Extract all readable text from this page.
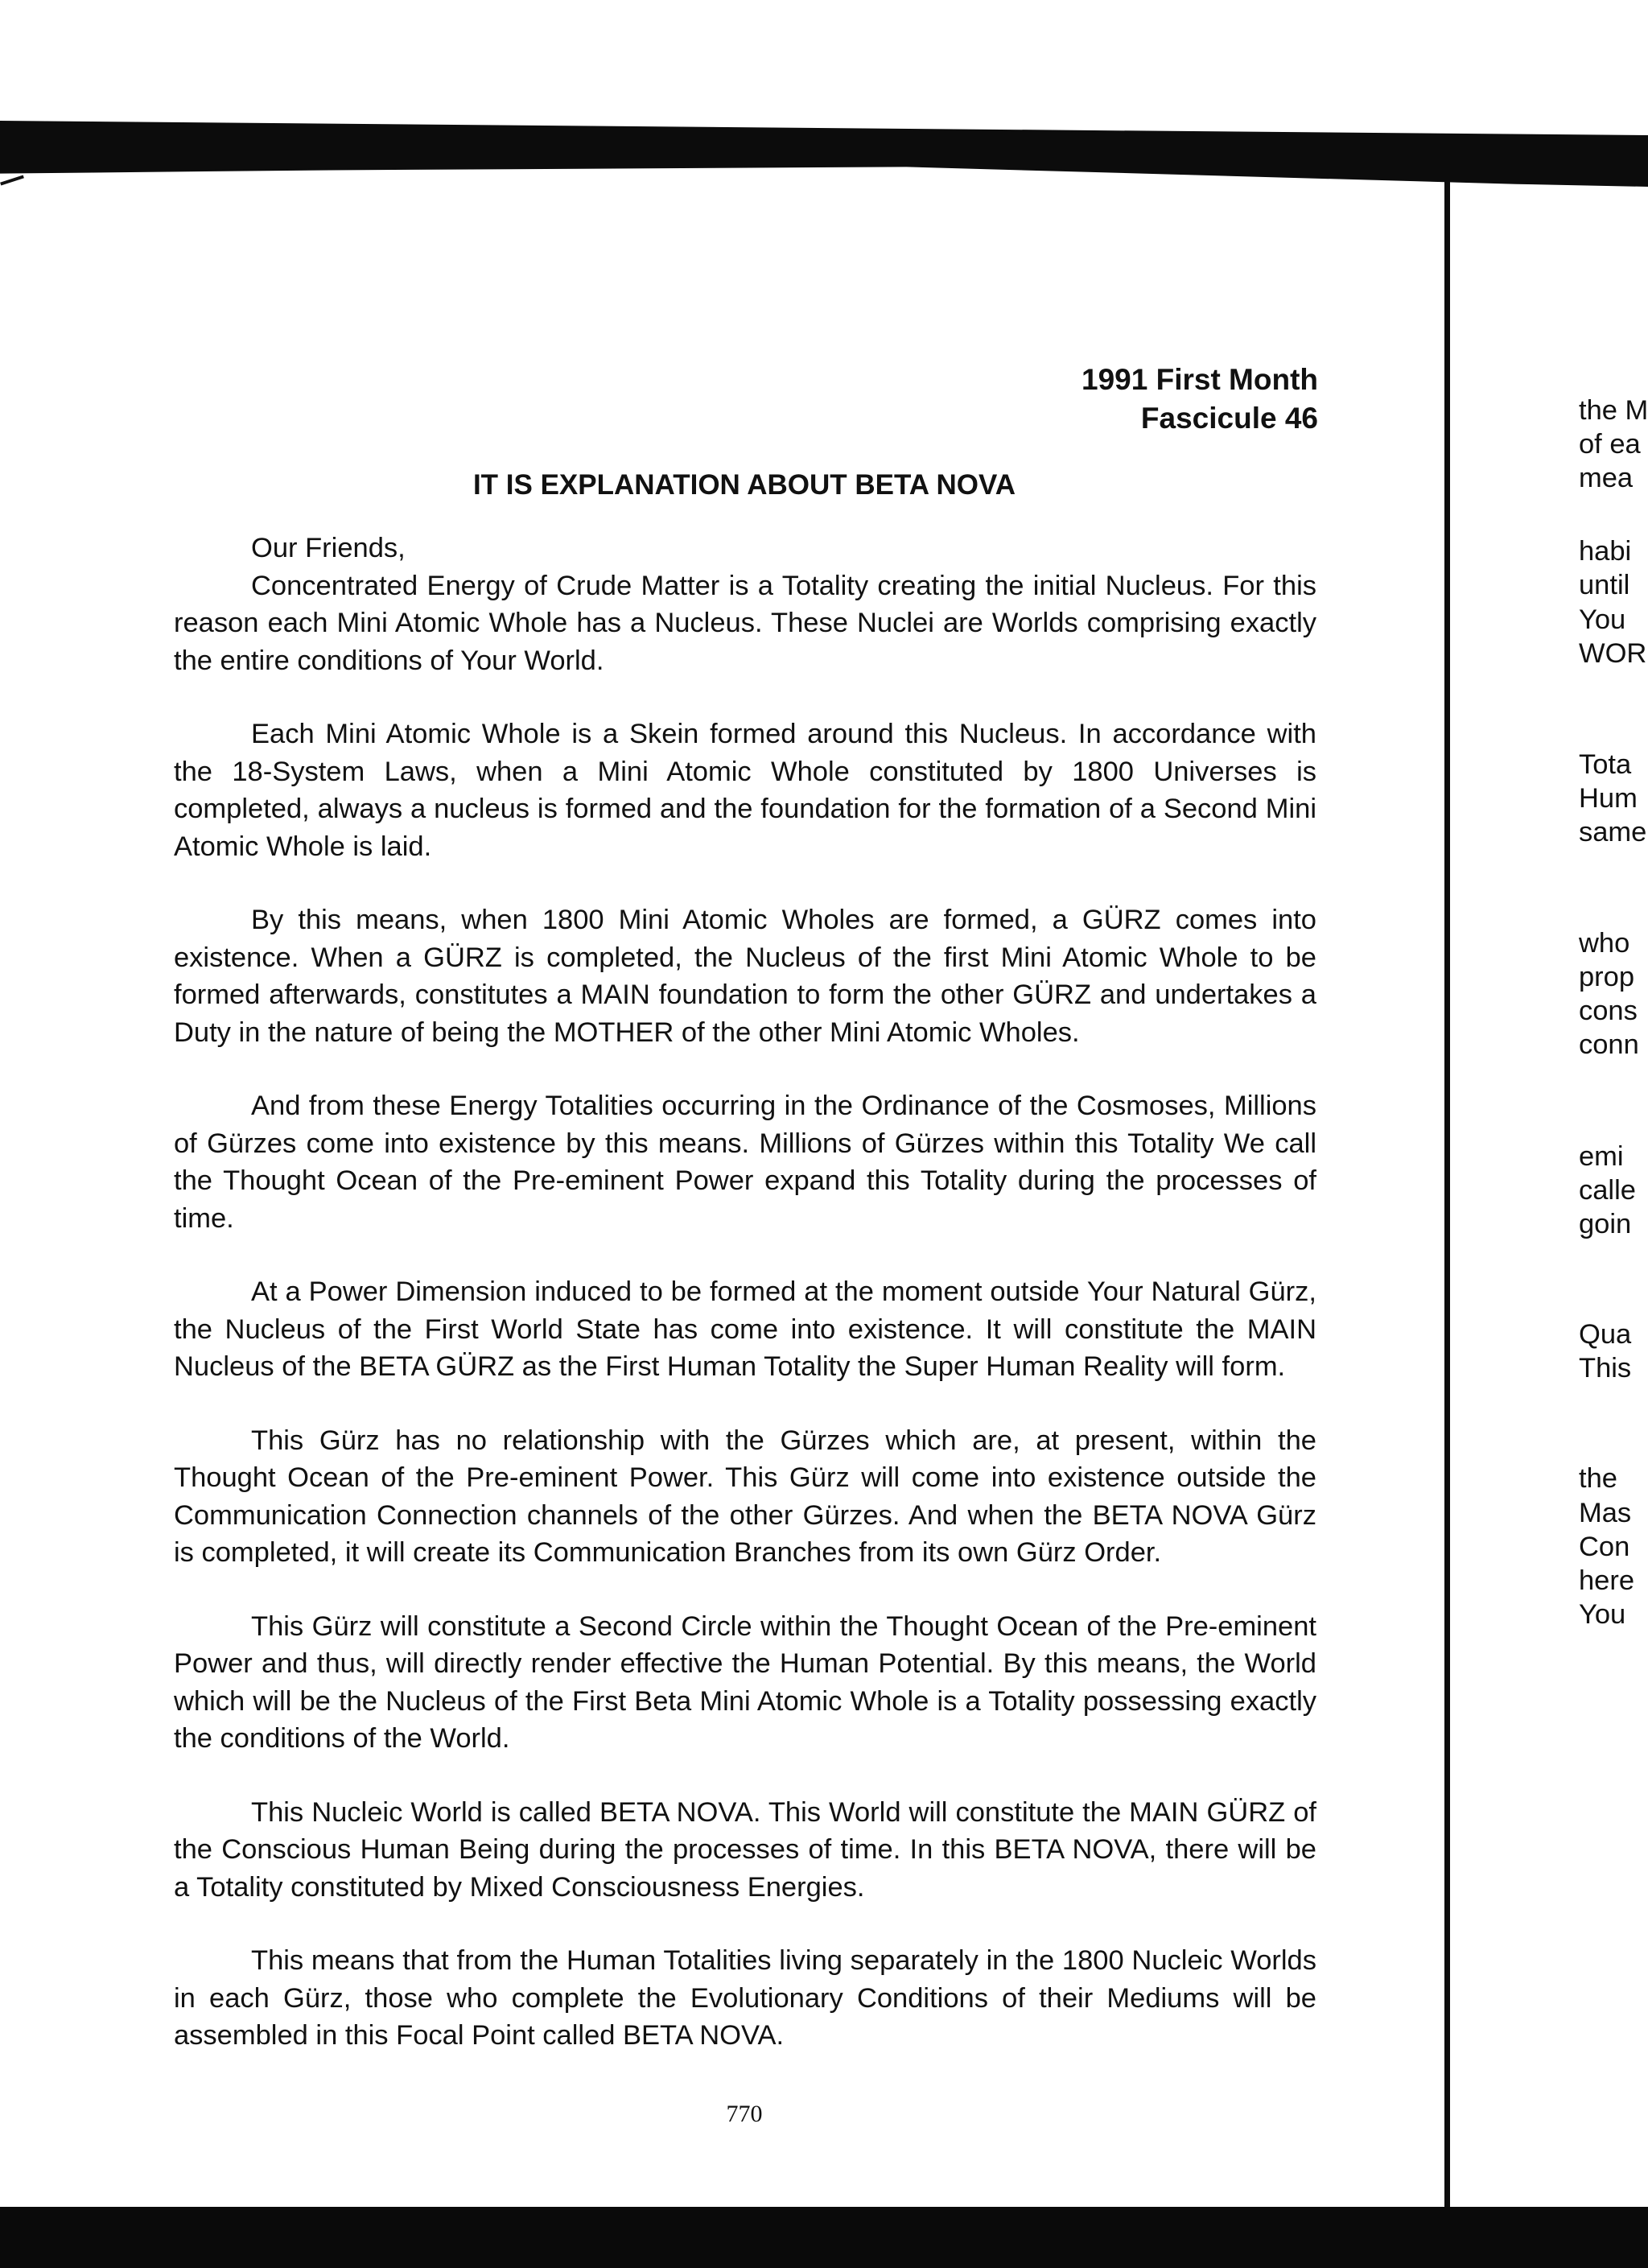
1991 First Month
Fascicule 46
IT IS EXPLANATION ABOUT BETA NOVA

Our Friends,

Concentrated Energy of Crude Matter is a Totality creating the initial Nucleus. For this reason each Mini Atomic Whole has a Nucleus. These Nuclei are Worlds comprising exactly the entire conditions of Your World.

Each Mini Atomic Whole is a Skein formed around this Nucleus. In accordance with the 18-System Laws, when a Mini Atomic Whole constituted by 1800 Universes is completed, always a nucleus is formed and the foundation for the formation of a Second Mini Atomic Whole is laid.

By this means, when 1800 Mini Atomic Wholes are formed, a GÜRZ comes into existence. When a GÜRZ is completed, the Nucleus of the first Mini Atomic Whole to be formed afterwards, constitutes a MAIN foundation to form the other GÜRZ and undertakes a Duty in the nature of being the MOTHER of the other Mini Atomic Wholes.

And from these Energy Totalities occurring in the Ordinance of the Cosmoses, Millions of Gürzes come into existence by this means. Millions of Gürzes within this Totality We call the Thought Ocean of the Pre-eminent Power expand this Totality during the processes of time.

At a Power Dimension induced to be formed at the moment outside Your Natural Gürz, the Nucleus of the First World State has come into existence. It will constitute the MAIN Nucleus of the BETA GÜRZ as the First Human Totality the Super Human Reality will form.

This Gürz has no relationship with the Gürzes which are, at present, within the Thought Ocean of the Pre-eminent Power. This Gürz will come into existence outside the Communication Connection channels of the other Gürzes. And when the BETA NOVA Gürz is completed, it will create its Communication Branches from its own Gürz Order.

This Gürz will constitute a Second Circle within the Thought Ocean of the Pre-eminent Power and thus, will directly render effective the Human Potential. By this means, the World which will be the Nucleus of the First Beta Mini Atomic Whole is a Totality possessing exactly the conditions of the World.

This Nucleic World is called BETA NOVA. This World will constitute the MAIN GÜRZ of the Conscious Human Being during the processes of time. In this BETA NOVA, there will be a Totality constituted by Mixed Consciousness Energies.

This means that from the Human Totalities living separately in the 1800 Nucleic Worlds in each Gürz, those who complete the Evolutionary Conditions of their Mediums will be assembled in this Focal Point called BETA NOVA.

770
the M
of ea
mea
habi
until
You
WOR
Tota
Hum
same
who
prop
cons
conn
emi
calle
goin
Qua
This
the
Mas
Con
here
You
